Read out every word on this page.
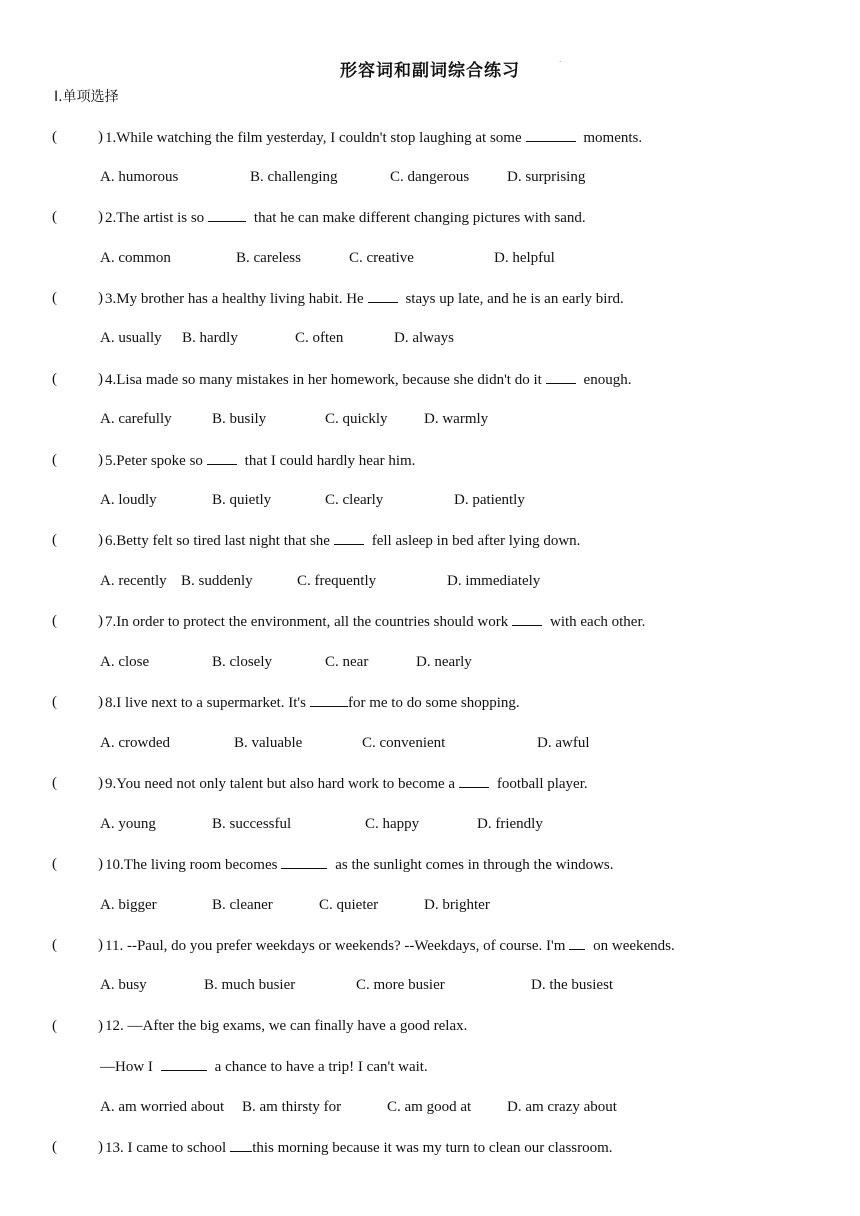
形容词和副词综合练习	·
Ⅰ.单项选择
(	) 1.While watching the film yesterday, I couldn't stop laughing at some	moments.
A. humorous	B. challenging	C. dangerous	D. surprising
(	) 2.The artist is so	that he can make different changing pictures with sand.
A. common	B. careless	C. creative	D. helpful
(	) 3.My brother has a healthy living habit. He	stays up late, and he is an early bird.
A. usually B. hardly	C. often	D. always
(	) 4.Lisa made so many mistakes in her homework, because she didn't do it	enough.
A. carefully	B. busily	C. quickly D. warmly
(	) 5.Peter spoke so	that I could hardly hear him.
A. loudly	B. quietly	C. clearly	D. patiently
(	) 6.Betty felt so tired last night that she	fell asleep in bed after lying down.
A. recently B. suddenly	C. frequently	D. immediately
(	) 7.In order to protect the environment, all the countries should work	with each other.
A. close	B. closely	C. near	D. nearly
(	) 8.I live next to a supermarket. It's	for me to do some shopping.
A. crowded	B. valuable	C. convenient	D. awful
(	) 9.You need not only talent but also hard work to become a	football player.
A. young	B. successful	C. happy	D. friendly
(	) 10.The living room becomes	as the sunlight comes in through the windows.
A. bigger	B. cleaner	C. quieter	D. brighter
(	) 11. --Paul, do you prefer weekdays or weekends? --Weekdays, of course. I'm on weekends.
A. busy	B. much busier	C. more busier	D. the busiest
(	) 12. —After the big exams, we can finally have a good relax.
—How I	a chance to have a trip! I can't wait.
A. am worried about B. am thirsty for	C. am good at D. am crazy about
(	) 13. I came to school this morning because it was my turn to clean our classroom.
